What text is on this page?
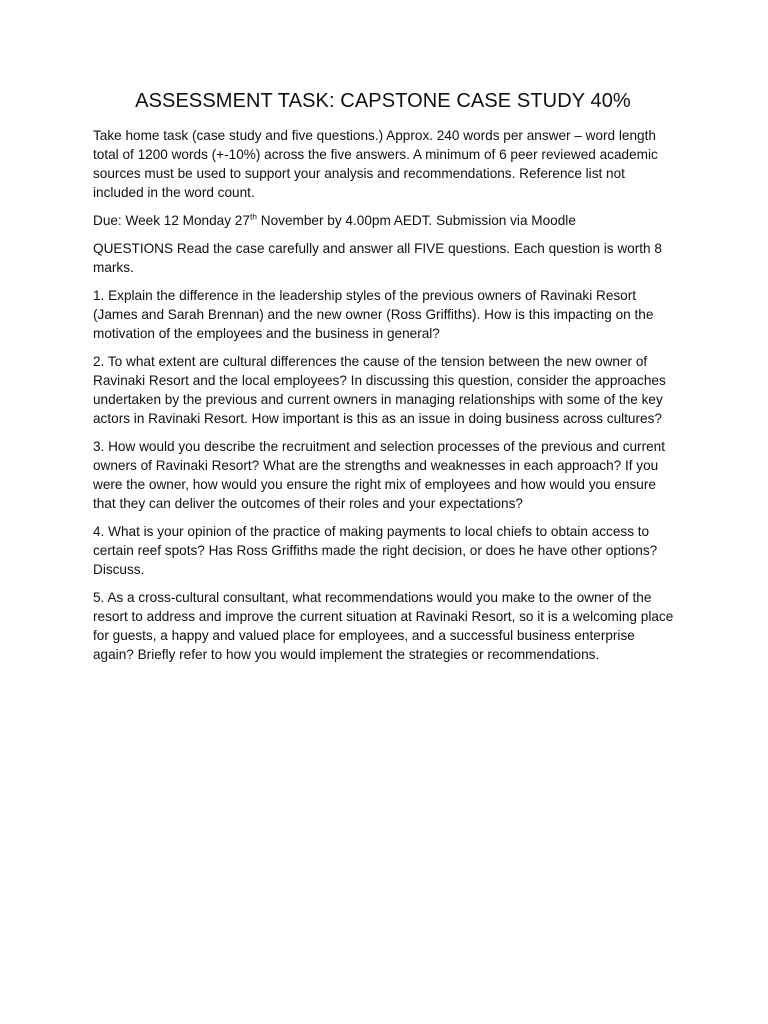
ASSESSMENT TASK: CAPSTONE CASE STUDY 40%

Take home task (case study and five questions.) Approx. 240 words per answer – word length total of 1200 words (+-10%) across the five answers. A minimum of 6 peer reviewed academic sources must be used to support your analysis and recommendations. Reference list not included in the word count.

Due: Week 12 Monday 27th November by 4.00pm AEDT. Submission via Moodle

QUESTIONS Read the case carefully and answer all FIVE questions. Each question is worth 8 marks.

1. Explain the difference in the leadership styles of the previous owners of Ravinaki Resort (James and Sarah Brennan) and the new owner (Ross Griffiths). How is this impacting on the motivation of the employees and the business in general?

2. To what extent are cultural differences the cause of the tension between the new owner of Ravinaki Resort and the local employees? In discussing this question, consider the approaches undertaken by the previous and current owners in managing relationships with some of the key actors in Ravinaki Resort. How important is this as an issue in doing business across cultures?

3. How would you describe the recruitment and selection processes of the previous and current owners of Ravinaki Resort? What are the strengths and weaknesses in each approach? If you were the owner, how would you ensure the right mix of employees and how would you ensure that they can deliver the outcomes of their roles and your expectations?

4. What is your opinion of the practice of making payments to local chiefs to obtain access to certain reef spots? Has Ross Griffiths made the right decision, or does he have other options? Discuss.

5. As a cross-cultural consultant, what recommendations would you make to the owner of the resort to address and improve the current situation at Ravinaki Resort, so it is a welcoming place for guests, a happy and valued place for employees, and a successful business enterprise again? Briefly refer to how you would implement the strategies or recommendations.
